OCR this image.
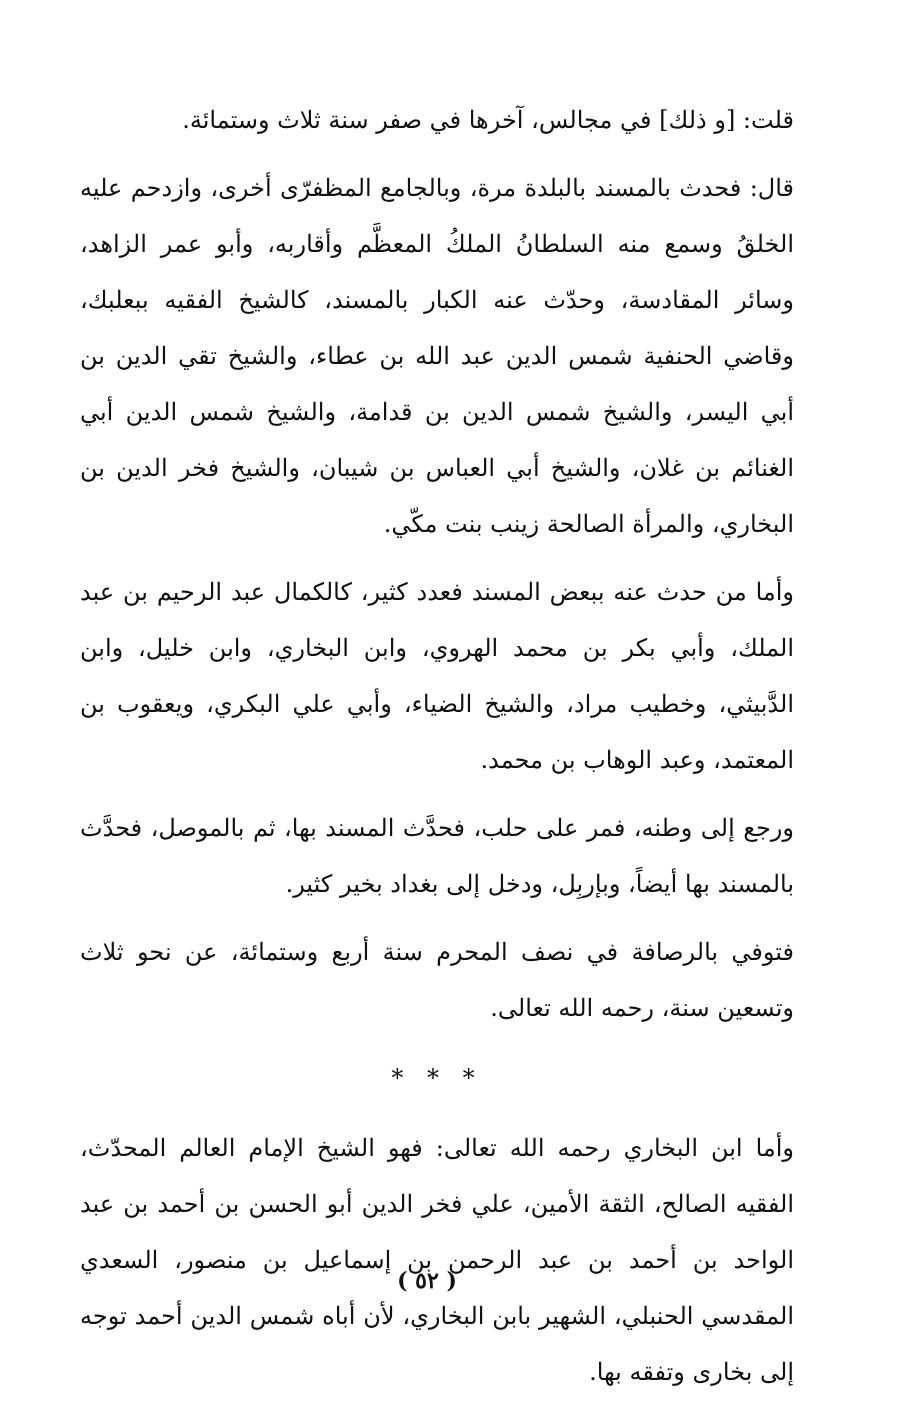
قلت: [و ذلك] في مجالس، آخرها في صفر سنة ثلاث وستمائة.

قال: فحدث بالمسند بالبلدة مرة، وبالجامع المظفرّى أخرى، وازدحم عليه الخلقُ وسمع منه السلطانُ الملكُ المعظَّم وأقاربه، وأبو عمر الزاهد، وسائر المقادسة، وحدّث عنه الكبار بالمسند، كالشيخ الفقيه ببعلبك، وقاضي الحنفية شمس الدين عبد الله بن عطاء، والشيخ تقي الدين بن أبي اليسر، والشيخ شمس الدين بن قدامة، والشيخ شمس الدين أبي الغنائم بن غلان، والشيخ أبي العباس بن شيبان، والشيخ فخر الدين بن البخاري، والمرأة الصالحة زينب بنت مكّي.

وأما من حدث عنه ببعض المسند فعدد كثير، كالكمال عبد الرحيم بن عبد الملك، وأبي بكر بن محمد الهروي، وابن البخاري، وابن خليل، وابن الدَّبيثي، وخطيب مراد، والشيخ الضياء، وأبي علي البكري، ويعقوب بن المعتمد، وعبد الوهاب بن محمد.

ورجع إلى وطنه، فمر على حلب، فحدَّث المسند بها، ثم بالموصل، فحدَّث بالمسند بها أيضاً، وبإربِل، ودخل إلى بغداد بخير كثير.

فتوفي بالرصافة في نصف المحرم سنة أربع وستمائة، عن نحو ثلاث وتسعين سنة، رحمه الله تعالى.

* * *

وأما ابن البخاري رحمه الله تعالى: فهو الشيخ الإمام العالم المحدّث، الفقيه الصالح، الثقة الأمين، علي فخر الدين أبو الحسن بن أحمد بن عبد الواحد بن أحمد بن عبد الرحمن بن إسماعيل بن منصور، السعدي المقدسي الحنبلي، الشهير بابن البخاري، لأن أباه شمس الدين أحمد توجه إلى بخارى وتفقه بها.

( ٥٢ )
